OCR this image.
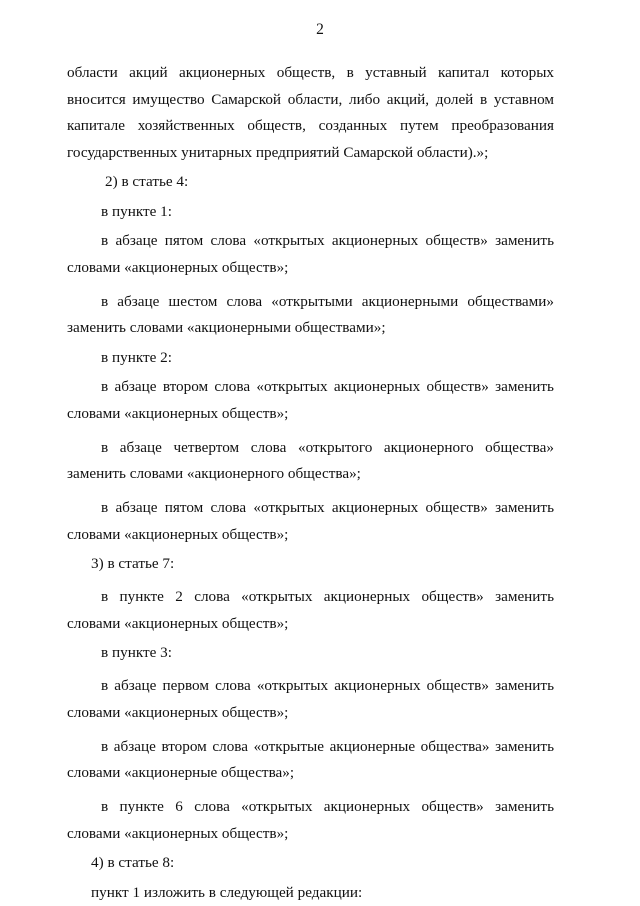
2
области акций акционерных обществ, в уставный капитал которых
вносится имущество Самарской области, либо акций, долей в уставном
капитале хозяйственных обществ, созданных путем преобразования
государственных унитарных предприятий Самарской области).»;
2) в статье 4:
в пункте 1:
в абзаце пятом слова «открытых акционерных обществ» заменить
словами «акционерных обществ»;
в абзаце шестом слова «открытыми акционерными обществами»
заменить словами «акционерными обществами»;
в пункте 2:
в абзаце втором слова «открытых акционерных обществ» заменить
словами «акционерных обществ»;
в абзаце четвертом слова «открытого акционерного общества»
заменить словами «акционерного общества»;
в абзаце пятом слова «открытых акционерных обществ» заменить
словами «акционерных обществ»;
3) в статье 7:
в пункте 2 слова «открытых акционерных обществ» заменить
словами «акционерных обществ»;
в пункте 3:
в абзаце первом слова «открытых акционерных обществ» заменить
словами «акционерных обществ»;
в абзаце втором слова «открытые акционерные общества» заменить
словами «акционерные общества»;
в пункте 6 слова «открытых акционерных обществ» заменить
словами «акционерных обществ»;
4) в статье 8:
пункт 1 изложить в следующей редакции:
